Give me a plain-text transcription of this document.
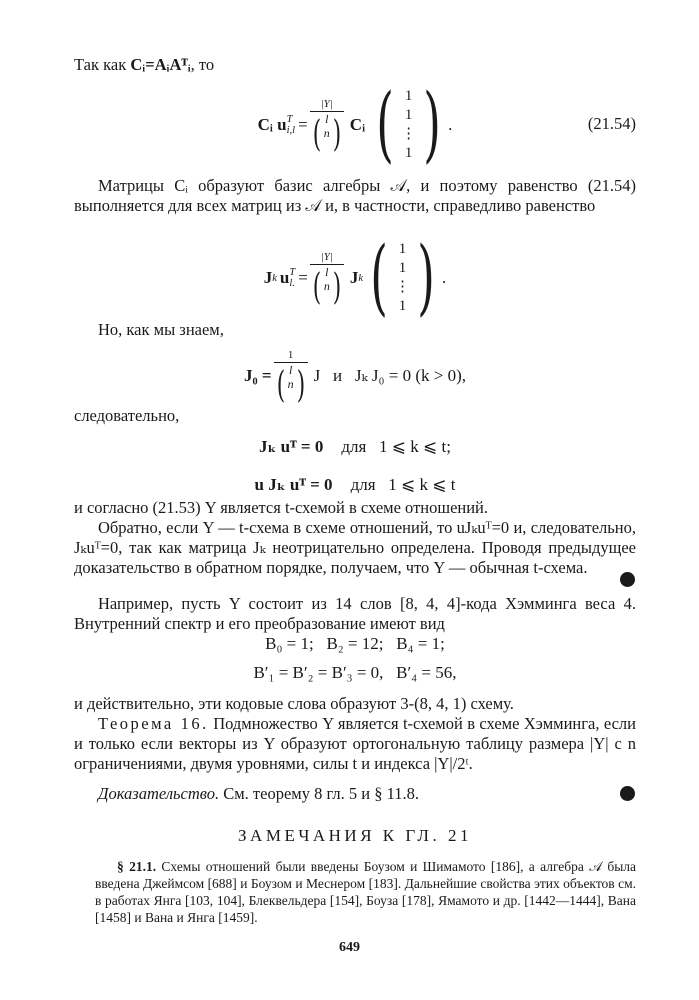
Так как Cᵢ=AᵢAᵀᵢ, то

Cᵢ u T
i,l = |Y|
( l
n ) Cᵢ ( 1
1
⋮
1 ) .	(21.54)

Матрицы Cᵢ образуют базис алгебры 𝒜, и поэтому равенство (21.54) выполняется для всех матриц из 𝒜 и, в частности, справедливо равенство

J k u T
l. = |Y|
( l
n ) J k ( 1
1
⋮
1 ) .

Но, как мы знаем,

J₀ = 1
( l
n ) J   и   Jₖ J₀ = 0 (k > 0),

следовательно,

Jₖ uᵀ = 0 для   1 ⩽ k ⩽ t;
u Jₖ uᵀ = 0 для   1 ⩽ k ⩽ t

и согласно (21.53) Y является t-схемой в схеме отношений.

Обратно, если Y — t-схема в схеме отношений, то uJₖuᵀ=0 и, следовательно, Jₖuᵀ=0, так как матрица Jₖ неотрицательно определена. Проводя предыдущее доказательство в обратном порядке, получаем, что Y — обычная t-схема.

Например, пусть Y состоит из 14 слов [8, 4, 4]-кода Хэмминга веса 4. Внутренний спектр и его преобразование имеют вид

B₀ = 1;   B₂ = 12;   B₄ = 1;
B′₁ = B′₂ = B′₃ = 0,   B′₄ = 56,

и действительно, эти кодовые слова образуют 3-(8, 4, 1) схему.

Теорема 16. Подмножество Y является t-схемой в схеме Хэмминга, если и только если векторы из Y образуют ортогональную таблицу размера |Y| с n ограничениями, двумя уровнями, силы t и индекса |Y|/2ᵗ.

Доказательство. См. теорему 8 гл. 5 и § 11.8.

ЗАМЕЧАНИЯ К ГЛ. 21

§ 21.1. Схемы отношений были введены Боузом и Шимамото [186], а алгебра 𝒜 была введена Джеймсом [688] и Боузом и Меснером [183]. Дальнейшие свойства этих объектов см. в работах Янга [103, 104], Блеквельдера [154], Боуза [178], Ямамото и др. [1442—1444], Вана [1458] и Вана и Янга [1459].

649
